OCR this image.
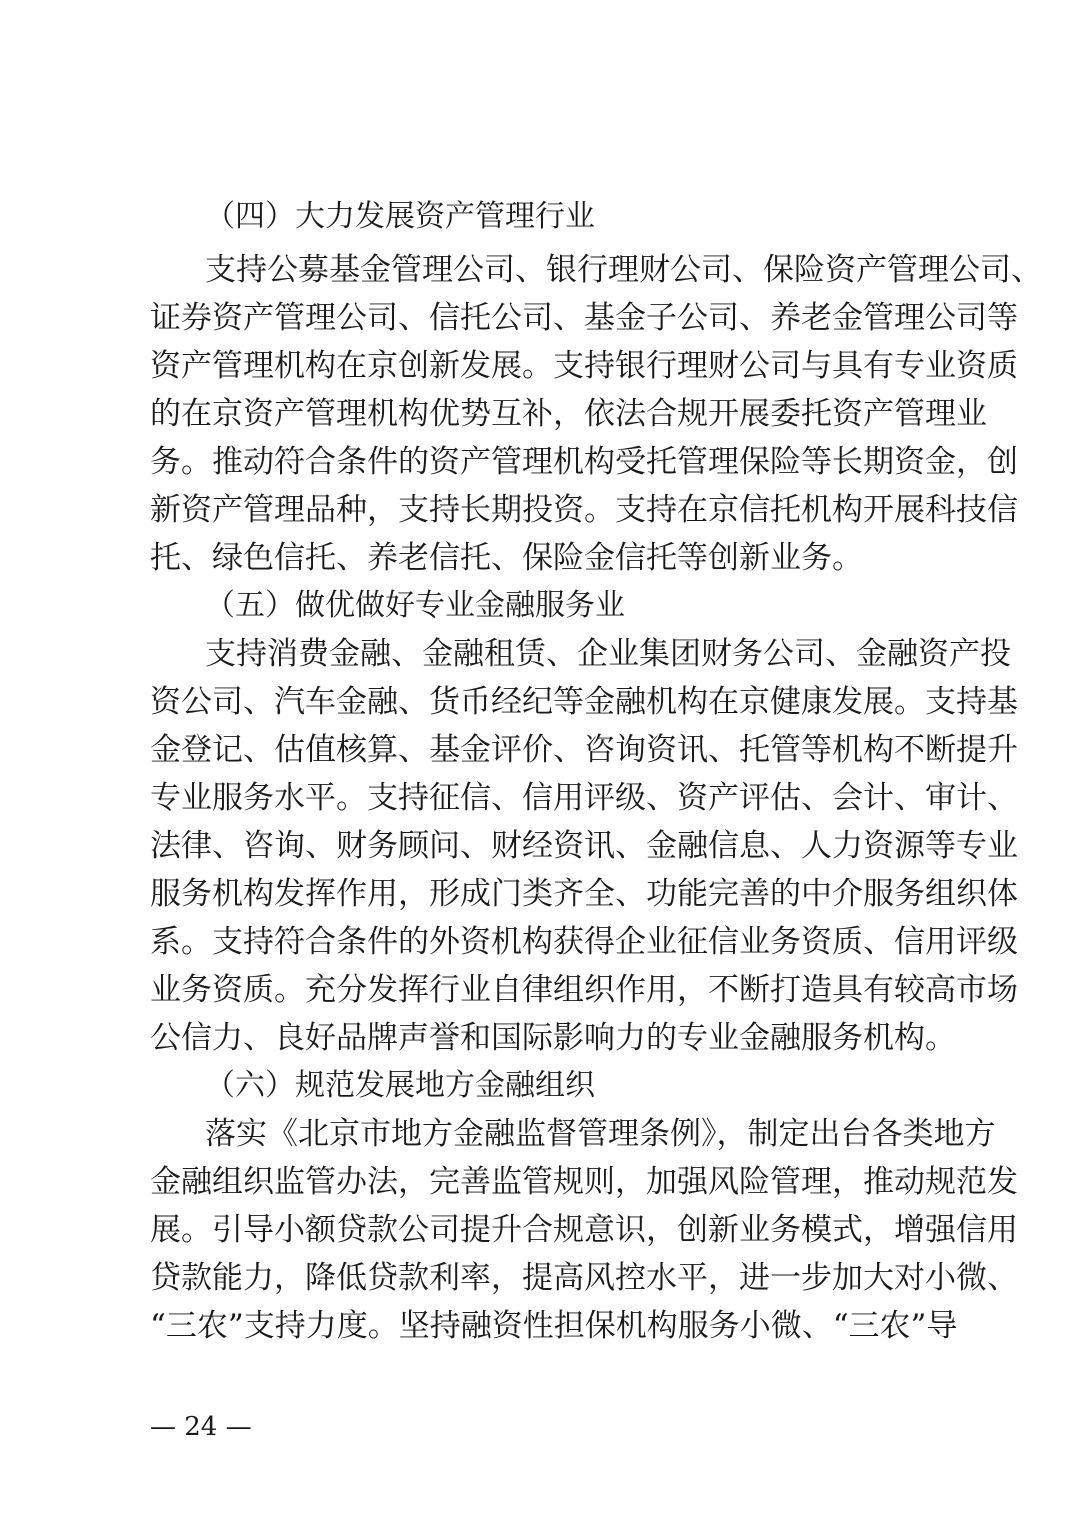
（四）大力发展资产管理行业
支持公募基金管理公司、银行理财公司、保险资产管理公司、
证券资产管理公司、信托公司、基金子公司、养老金管理公司等
资产管理机构在京创新发展。支持银行理财公司与具有专业资质
的在京资产管理机构优势互补，依法合规开展委托资产管理业
务。推动符合条件的资产管理机构受托管理保险等长期资金，创
新资产管理品种，支持长期投资。支持在京信托机构开展科技信
托、绿色信托、养老信托、保险金信托等创新业务。
（五）做优做好专业金融服务业
支持消费金融、金融租赁、企业集团财务公司、金融资产投
资公司、汽车金融、货币经纪等金融机构在京健康发展。支持基
金登记、估值核算、基金评价、咨询资讯、托管等机构不断提升
专业服务水平。支持征信、信用评级、资产评估、会计、审计、
法律、咨询、财务顾问、财经资讯、金融信息、人力资源等专业
服务机构发挥作用，形成门类齐全、功能完善的中介服务组织体
系。支持符合条件的外资机构获得企业征信业务资质、信用评级
业务资质。充分发挥行业自律组织作用，不断打造具有较高市场
公信力、良好品牌声誉和国际影响力的专业金融服务机构。
（六）规范发展地方金融组织
落实《北京市地方金融监督管理条例》，制定出台各类地方
金融组织监管办法，完善监管规则，加强风险管理，推动规范发
展。引导小额贷款公司提升合规意识，创新业务模式，增强信用
贷款能力，降低贷款利率，提高风控水平，进一步加大对小微、
“三农”支持力度。坚持融资性担保机构服务小微、“三农”导
— 24 —
